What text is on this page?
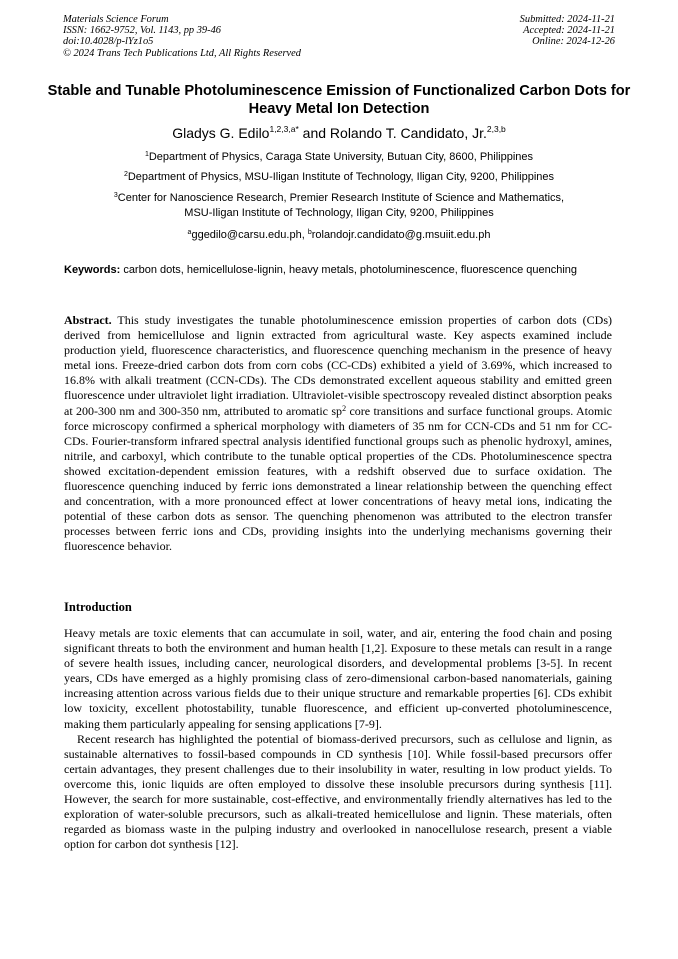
Materials Science Forum
ISSN: 1662-9752, Vol. 1143, pp 39-46
doi:10.4028/p-lYz1o5
© 2024 Trans Tech Publications Ltd, All Rights Reserved
Submitted: 2024-11-21
Accepted: 2024-11-21
Online: 2024-12-26
Stable and Tunable Photoluminescence Emission of Functionalized Carbon Dots for Heavy Metal Ion Detection
Gladys G. Edilo$^{1,2,3,a*}$ and Rolando T. Candidato, Jr.$^{2,3,b}$
$^1$Department of Physics, Caraga State University, Butuan City, 8600, Philippines
$^2$Department of Physics, MSU-Iligan Institute of Technology, Iligan City, 9200, Philippines
$^3$Center for Nanoscience Research, Premier Research Institute of Science and Mathematics,
MSU-Iligan Institute of Technology, Iligan City, 9200, Philippines
$^a$ggedilo@carsu.edu.ph, $^b$rolandojr.candidato@g.msuiit.edu.ph
Keywords: carbon dots, hemicellulose-lignin, heavy metals, photoluminescence, fluorescence quenching
Abstract. This study investigates the tunable photoluminescence emission properties of carbon dots (CDs) derived from hemicellulose and lignin extracted from agricultural waste. Key aspects examined include production yield, fluorescence characteristics, and fluorescence quenching mechanism in the presence of heavy metal ions. Freeze-dried carbon dots from corn cobs (CC-CDs) exhibited a yield of 3.69%, which increased to 16.8% with alkali treatment (CCN-CDs). The CDs demonstrated excellent aqueous stability and emitted green fluorescence under ultraviolet light irradiation. Ultraviolet-visible spectroscopy revealed distinct absorption peaks at 200-300 nm and 300-350 nm, attributed to aromatic $sp^2$ core transitions and surface functional groups. Atomic force microscopy confirmed a spherical morphology with diameters of 35 nm for CCN-CDs and 51 nm for CC-CDs. Fourier-transform infrared spectral analysis identified functional groups such as phenolic hydroxyl, amines, nitrile, and carboxyl, which contribute to the tunable optical properties of the CDs. Photoluminescence spectra showed excitation-dependent emission features, with a redshift observed due to surface oxidation. The fluorescence quenching induced by ferric ions demonstrated a linear relationship between the quenching effect and concentration, with a more pronounced effect at lower concentrations of heavy metal ions, indicating the potential of these carbon dots as sensor. The quenching phenomenon was attributed to the electron transfer processes between ferric ions and CDs, providing insights into the underlying mechanisms governing their fluorescence behavior.
Introduction

Heavy metals are toxic elements that can accumulate in soil, water, and air, entering the food chain and posing significant threats to both the environment and human health [1,2]. Exposure to these metals can result in a range of severe health issues, including cancer, neurological disorders, and developmental problems [3-5]. In recent years, CDs have emerged as a highly promising class of zero-dimensional carbon-based nanomaterials, gaining increasing attention across various fields due to their unique structure and remarkable properties [6]. CDs exhibit low toxicity, excellent photostability, tunable fluorescence, and efficient up-converted photoluminescence, making them particularly appealing for sensing applications [7-9].

Recent research has highlighted the potential of biomass-derived precursors, such as cellulose and lignin, as sustainable alternatives to fossil-based compounds in CD synthesis [10]. While fossil-based precursors offer certain advantages, they present challenges due to their insolubility in water, resulting in low product yields. To overcome this, ionic liquids are often employed to dissolve these insoluble precursors during synthesis [11]. However, the search for more sustainable, cost-effective, and environmentally friendly alternatives has led to the exploration of water-soluble precursors, such as alkali-treated hemicellulose and lignin. These materials, often regarded as biomass waste in the pulping industry and overlooked in nanocellulose research, present a viable option for carbon dot synthesis [12].
